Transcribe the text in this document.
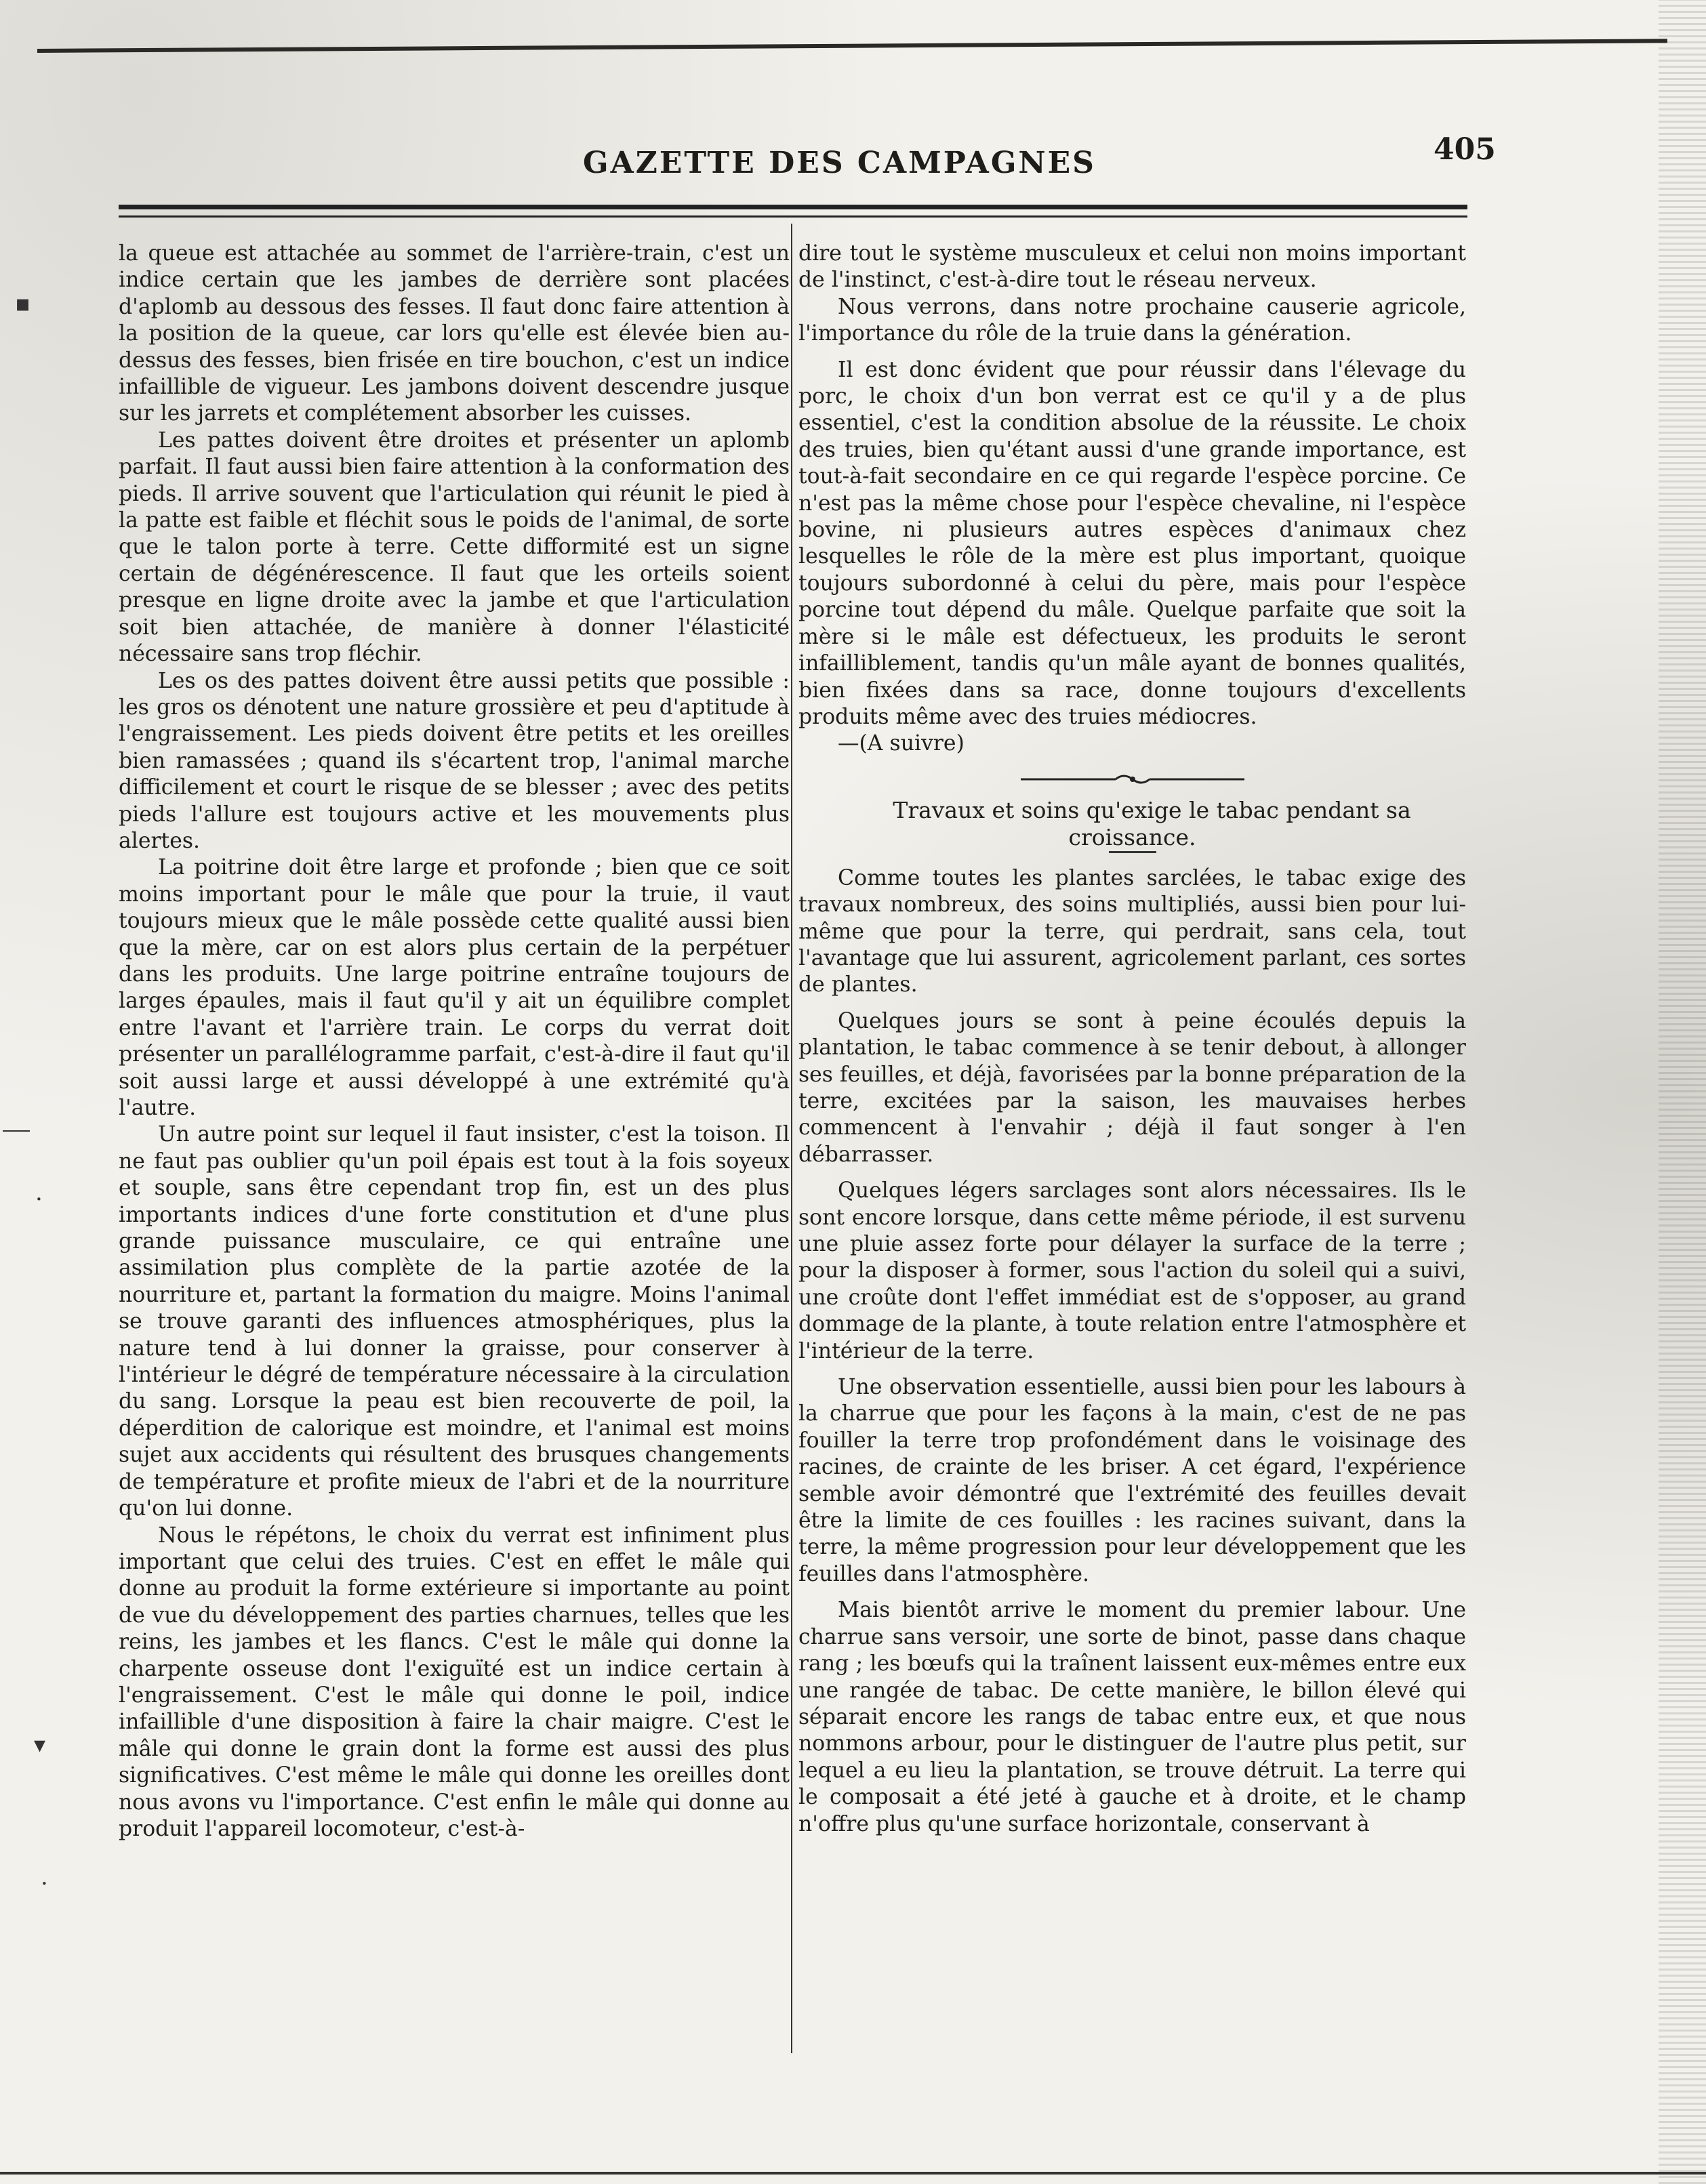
GAZETTE DES CAMPAGNES	405
▪
·
▾
·

la queue est attachée au sommet de l'arrière-train, c'est un indice certain que les jambes de derrière sont placées d'aplomb au dessous des fesses. Il faut donc faire attention à la position de la queue, car lors qu'elle est élevée bien au-dessus des fesses, bien frisée en tire bouchon, c'est un indice infaillible de vigueur. Les jambons doivent descendre jusque sur les jarrets et complétement absorber les cuisses.

Les pattes doivent être droites et présenter un aplomb parfait. Il faut aussi bien faire attention à la conformation des pieds. Il arrive souvent que l'articulation qui réunit le pied à la patte est faible et fléchit sous le poids de l'animal, de sorte que le talon porte à terre. Cette difformité est un signe certain de dégénérescence. Il faut que les orteils soient presque en ligne droite avec la jambe et que l'articulation soit bien attachée, de manière à donner l'élasticité nécessaire sans trop fléchir.

Les os des pattes doivent être aussi petits que possible : les gros os dénotent une nature grossière et peu d'aptitude à l'engraissement. Les pieds doivent être petits et les oreilles bien ramassées ; quand ils s'écartent trop, l'animal marche difficilement et court le risque de se blesser ; avec des petits pieds l'allure est toujours active et les mouvements plus alertes.

La poitrine doit être large et profonde ; bien que ce soit moins important pour le mâle que pour la truie, il vaut toujours mieux que le mâle possède cette qualité aussi bien que la mère, car on est alors plus certain de la perpétuer dans les produits. Une large poitrine entraîne toujours de larges épaules, mais il faut qu'il y ait un équilibre complet entre l'avant et l'arrière train. Le corps du verrat doit présenter un parallélogramme parfait, c'est-à-dire il faut qu'il soit aussi large et aussi développé à une extrémité qu'à l'autre.

Un autre point sur lequel il faut insister, c'est la toison. Il ne faut pas oublier qu'un poil épais est tout à la fois soyeux et souple, sans être cependant trop fin, est un des plus importants indices d'une forte constitution et d'une plus grande puissance musculaire, ce qui entraîne une assimilation plus complète de la partie azotée de la nourriture et, partant la formation du maigre. Moins l'animal se trouve garanti des influences atmosphériques, plus la nature tend à lui donner la graisse, pour conserver à l'intérieur le dégré de température nécessaire à la circulation du sang. Lorsque la peau est bien recouverte de poil, la déperdition de calorique est moindre, et l'animal est moins sujet aux accidents qui résultent des brusques changements de température et profite mieux de l'abri et de la nourriture qu'on lui donne.

Nous le répétons, le choix du verrat est infiniment plus important que celui des truies. C'est en effet le mâle qui donne au produit la forme extérieure si importante au point de vue du développement des parties charnues, telles que les reins, les jambes et les flancs. C'est le mâle qui donne la charpente osseuse dont l'exiguïté est un indice certain à l'engraissement. C'est le mâle qui donne le poil, indice infaillible d'une disposition à faire la chair maigre. C'est le mâle qui donne le grain dont la forme est aussi des plus significatives. C'est même le mâle qui donne les oreilles dont nous avons vu l'importance. C'est enfin le mâle qui donne au produit l'appareil locomoteur, c'est-à-

dire tout le système musculeux et celui non moins important de l'instinct, c'est-à-dire tout le réseau nerveux.

Nous verrons, dans notre prochaine causerie agricole, l'importance du rôle de la truie dans la génération.

Il est donc évident que pour réussir dans l'élevage du porc, le choix d'un bon verrat est ce qu'il y a de plus essentiel, c'est la condition absolue de la réussite. Le choix des truies, bien qu'étant aussi d'une grande importance, est tout-à-fait secondaire en ce qui regarde l'espèce porcine. Ce n'est pas la même chose pour l'espèce chevaline, ni l'espèce bovine, ni plusieurs autres espèces d'animaux chez lesquelles le rôle de la mère est plus important, quoique toujours subordonné à celui du père, mais pour l'espèce porcine tout dépend du mâle. Quelque parfaite que soit la mère si le mâle est défectueux, les produits le seront infailliblement, tandis qu'un mâle ayant de bonnes qualités, bien fixées dans sa race, donne toujours d'excellents produits même avec des truies médiocres.

—(A suivre)

Travaux et soins qu'exige le tabac pendant sa croissance.

Comme toutes les plantes sarclées, le tabac exige des travaux nombreux, des soins multipliés, aussi bien pour lui-même que pour la terre, qui perdrait, sans cela, tout l'avantage que lui assurent, agricolement parlant, ces sortes de plantes.

Quelques jours se sont à peine écoulés depuis la plantation, le tabac commence à se tenir debout, à allonger ses feuilles, et déjà, favorisées par la bonne préparation de la terre, excitées par la saison, les mauvaises herbes commencent à l'envahir ; déjà il faut songer à l'en débarrasser.

Quelques légers sarclages sont alors nécessaires. Ils le sont encore lorsque, dans cette même période, il est survenu une pluie assez forte pour délayer la surface de la terre ; pour la disposer à former, sous l'action du soleil qui a suivi, une croûte dont l'effet immédiat est de s'opposer, au grand dommage de la plante, à toute relation entre l'atmosphère et l'intérieur de la terre.

Une observation essentielle, aussi bien pour les labours à la charrue que pour les façons à la main, c'est de ne pas fouiller la terre trop profondément dans le voisinage des racines, de crainte de les briser. A cet égard, l'expérience semble avoir démontré que l'extrémité des feuilles devait être la limite de ces fouilles : les racines suivant, dans la terre, la même progression pour leur développement que les feuilles dans l'atmosphère.

Mais bientôt arrive le moment du premier labour. Une charrue sans versoir, une sorte de binot, passe dans chaque rang ; les bœufs qui la traînent laissent eux-mêmes entre eux une rangée de tabac. De cette manière, le billon élevé qui séparait encore les rangs de tabac entre eux, et que nous nommons arbour, pour le distinguer de l'autre plus petit, sur lequel a eu lieu la plantation, se trouve détruit. La terre qui le composait a été jeté à gauche et à droite, et le champ n'offre plus qu'une surface horizontale, conservant à
